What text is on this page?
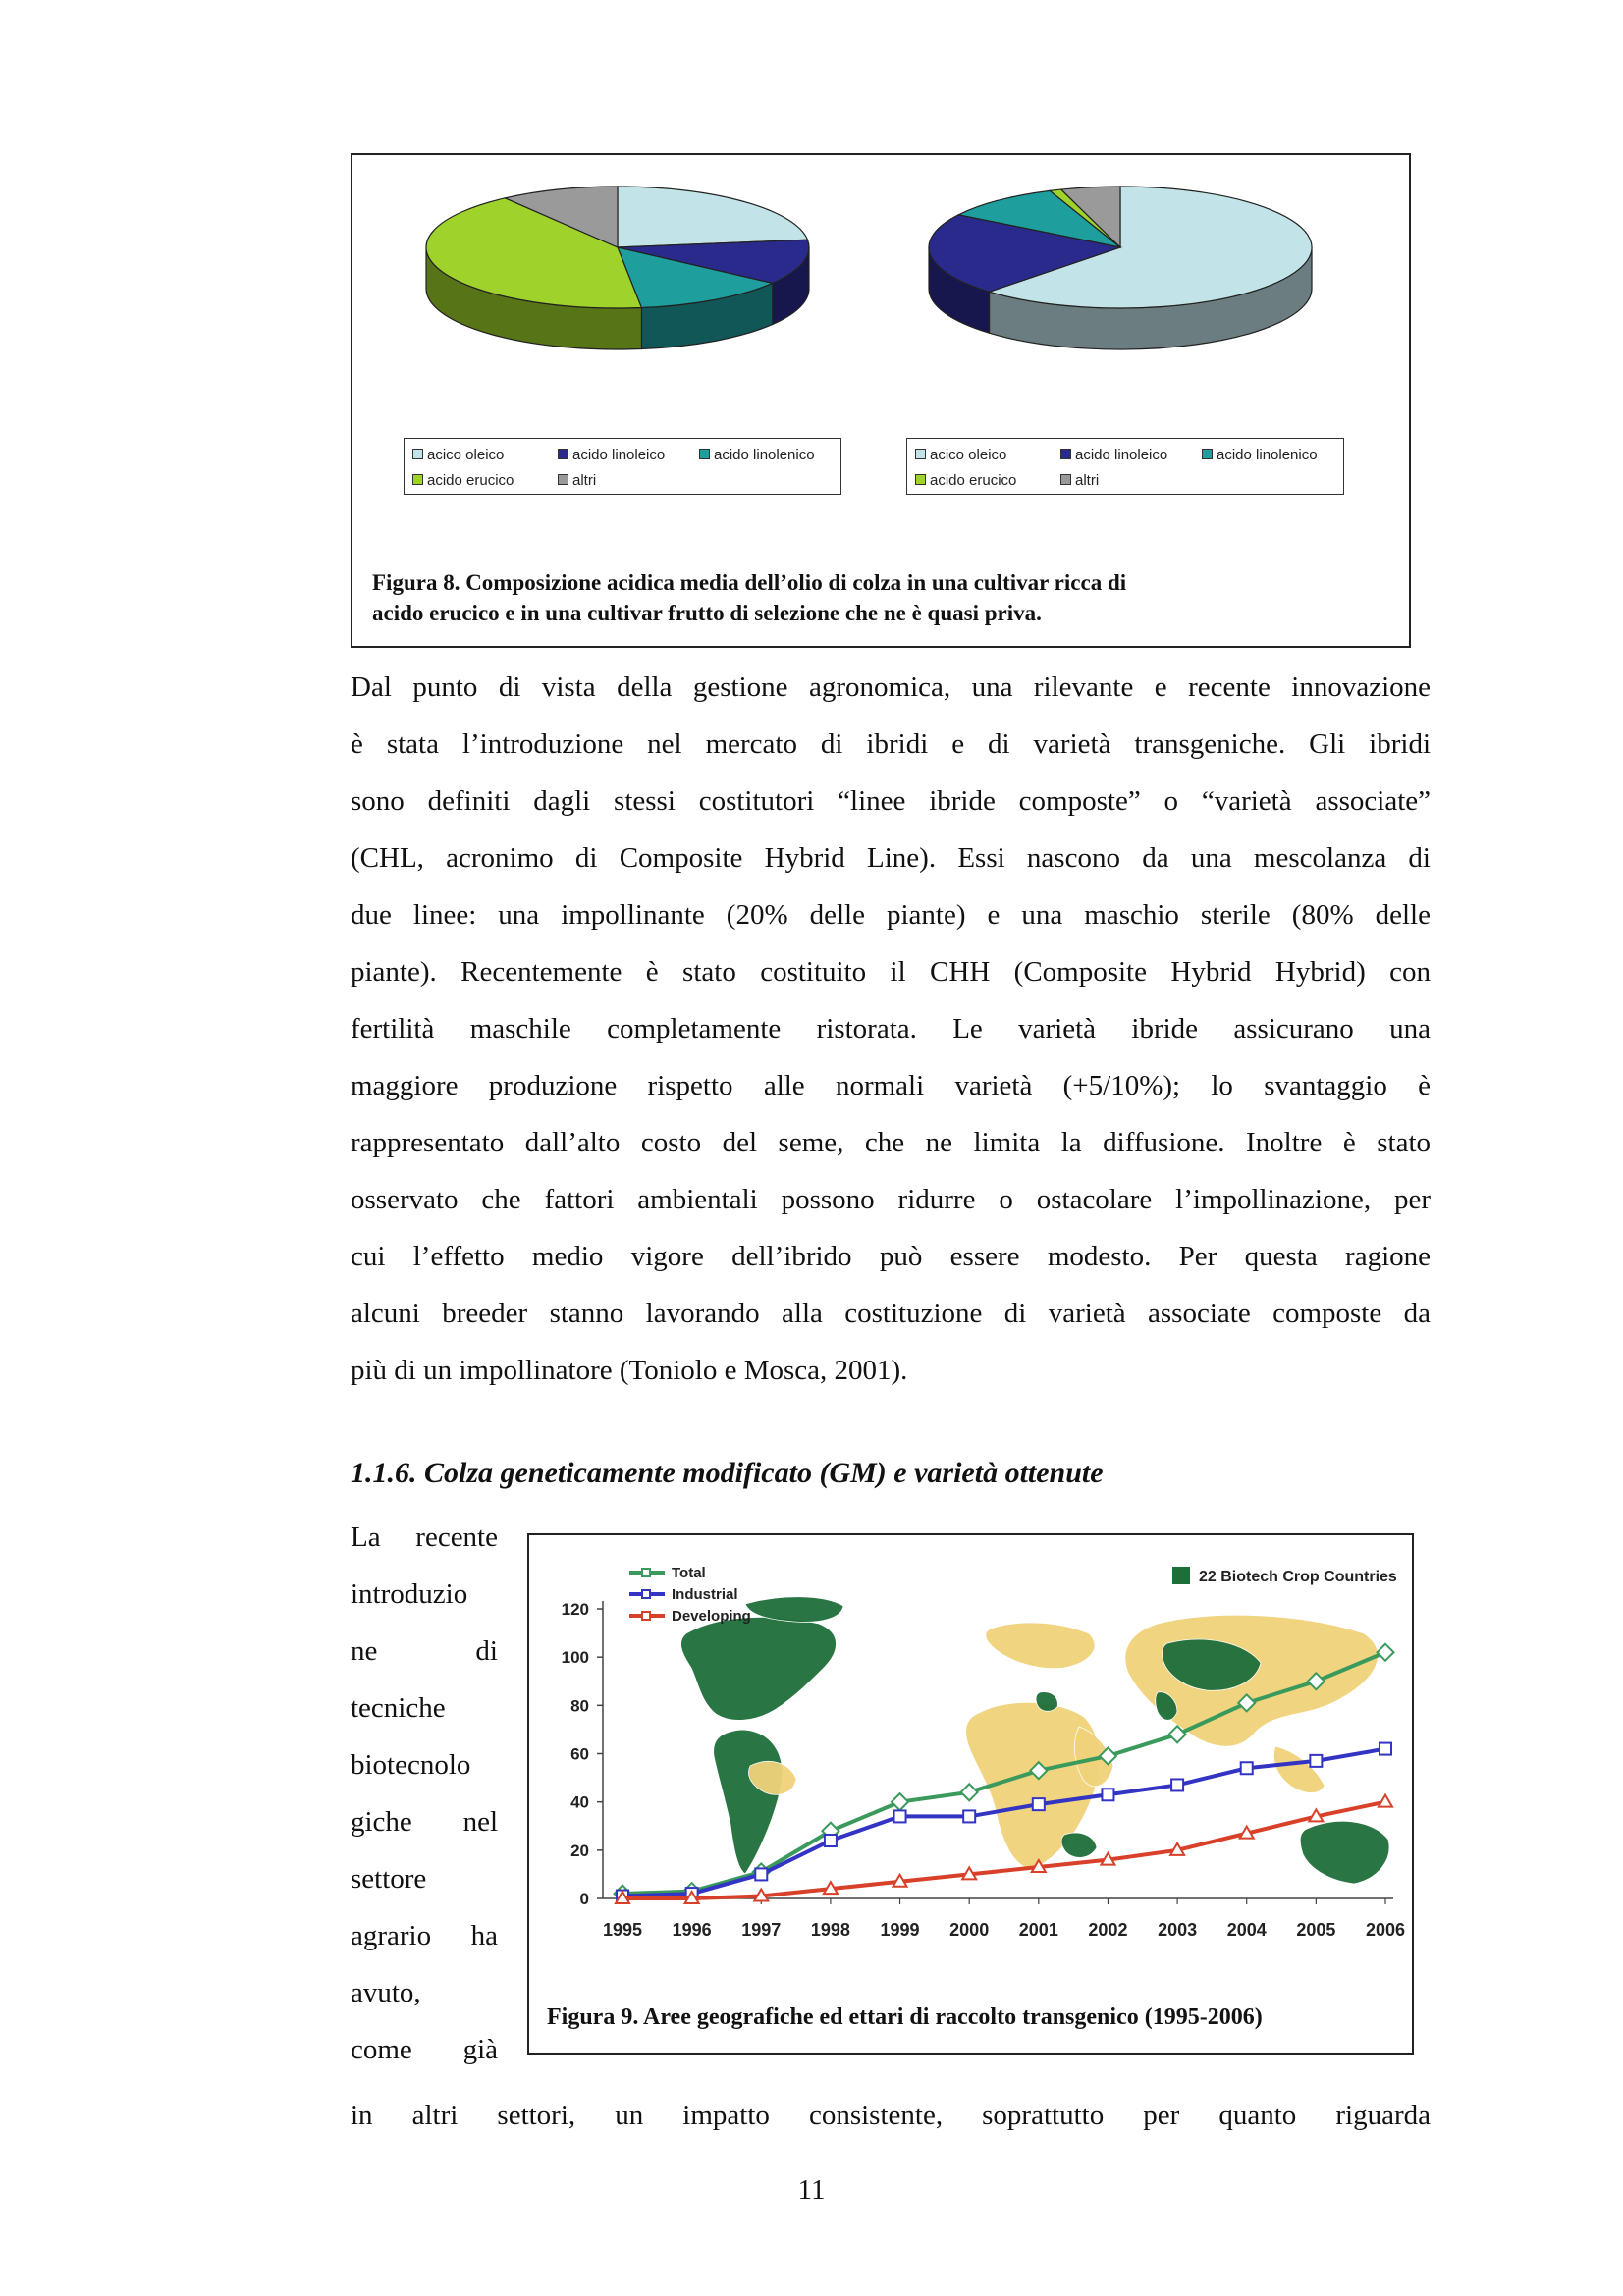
acico oleico	acido linoleico	acido linolenico
acido erucico	altri
acico oleico	acido linoleico	acido linolenico
acido erucico	altri
Figura 8. Composizione acidica media dell’olio di colza in una cultivar ricca di
acido erucico e in una cultivar frutto di selezione che ne è quasi priva.
Dal punto di vista della gestione agronomica, una rilevante e recente innovazione
è stata l’introduzione nel mercato di ibridi e di varietà transgeniche. Gli ibridi
sono definiti dagli stessi costitutori “linee ibride composte” o “varietà associate”
(CHL, acronimo di Composite Hybrid Line). Essi nascono da una mescolanza di
due linee: una impollinante (20% delle piante) e una maschio sterile (80% delle
piante). Recentemente è stato costituito il CHH (Composite Hybrid Hybrid) con
fertilità maschile completamente ristorata. Le varietà ibride assicurano una
maggiore produzione rispetto alle normali varietà (+5/10%); lo svantaggio è
rappresentato dall’alto costo del seme, che ne limita la diffusione. Inoltre è stato
osservato che fattori ambientali possono ridurre o ostacolare l’impollinazione, per
cui l’effetto medio vigore dell’ibrido può essere modesto. Per questa ragione
alcuni breeder stanno lavorando alla costituzione di varietà associate composte da
più di un impollinatore (Toniolo e Mosca, 2001).
1.1.6. Colza geneticamente modificato (GM) e varietà ottenute
La recente
introduzio
ne di
tecniche
biotecnolo
giche nel
settore
agrario ha
avuto,
come già
22 Biotech Crop Countries
0
20
40
60
80
100
120
1995 1996 1997 1998 1999 2000 2001 2002 2003 2004 2005 2006
Total
Industrial
Developing
Figura 9. Aree geografiche ed ettari di raccolto transgenico (1995-2006)
in altri settori, un impatto consistente, soprattutto per quanto riguarda
11
